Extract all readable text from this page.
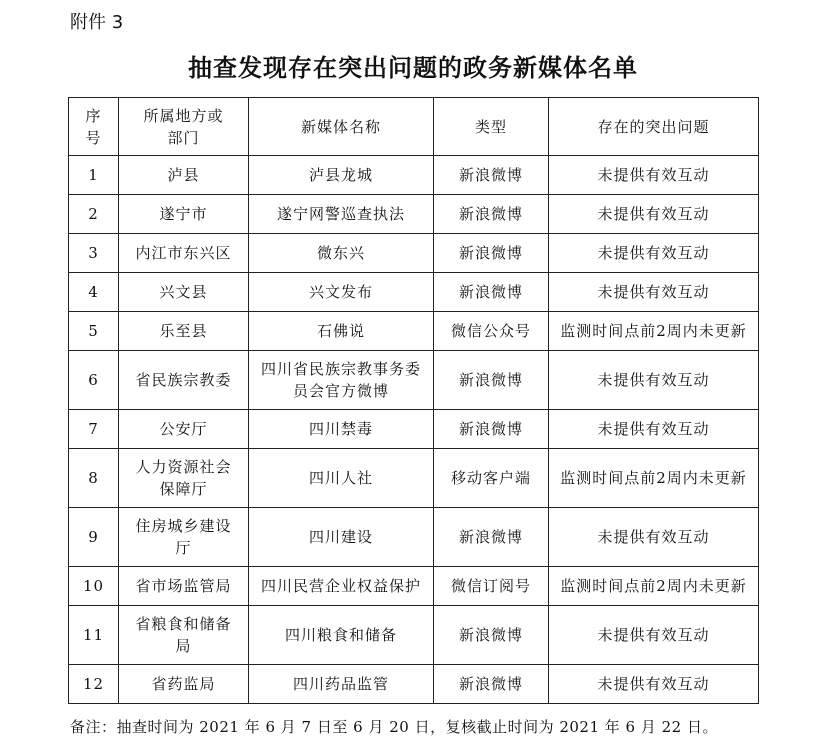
附件 3
抽查发现存在突出问题的政务新媒体名单
序号	所属地方或部门	新媒体名称	类型	存在的突出问题
1	泸县	泸县龙城	新浪微博	未提供有效互动
2	遂宁市	遂宁网警巡查执法	新浪微博	未提供有效互动
3	内江市东兴区	微东兴	新浪微博	未提供有效互动
4	兴文县	兴文发布	新浪微博	未提供有效互动
5	乐至县	石佛说	微信公众号	监测时间点前2周内未更新
6	省民族宗教委	四川省民族宗教事务委员会官方微博	新浪微博	未提供有效互动
7	公安厅	四川禁毒	新浪微博	未提供有效互动
8	人力资源社会保障厅	四川人社	移动客户端	监测时间点前2周内未更新
9	住房城乡建设厅	四川建设	新浪微博	未提供有效互动
10	省市场监管局	四川民营企业权益保护	微信订阅号	监测时间点前2周内未更新
11	省粮食和储备局	四川粮食和储备	新浪微博	未提供有效互动
12	省药监局	四川药品监管	新浪微博	未提供有效互动
备注：抽查时间为 2021 年 6 月 7 日至 6 月 20 日，复核截止时间为 2021 年 6 月 22 日。
